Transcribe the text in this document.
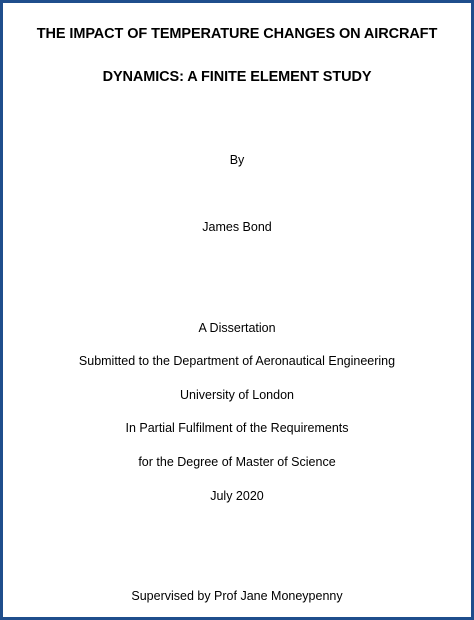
THE IMPACT OF TEMPERATURE CHANGES ON AIRCRAFT
DYNAMICS: A FINITE ELEMENT STUDY
By
James Bond
A Dissertation
Submitted to the Department of Aeronautical Engineering
University of London
In Partial Fulfilment of the Requirements
for the Degree of Master of Science
July 2020
Supervised by Prof Jane Moneypenny
